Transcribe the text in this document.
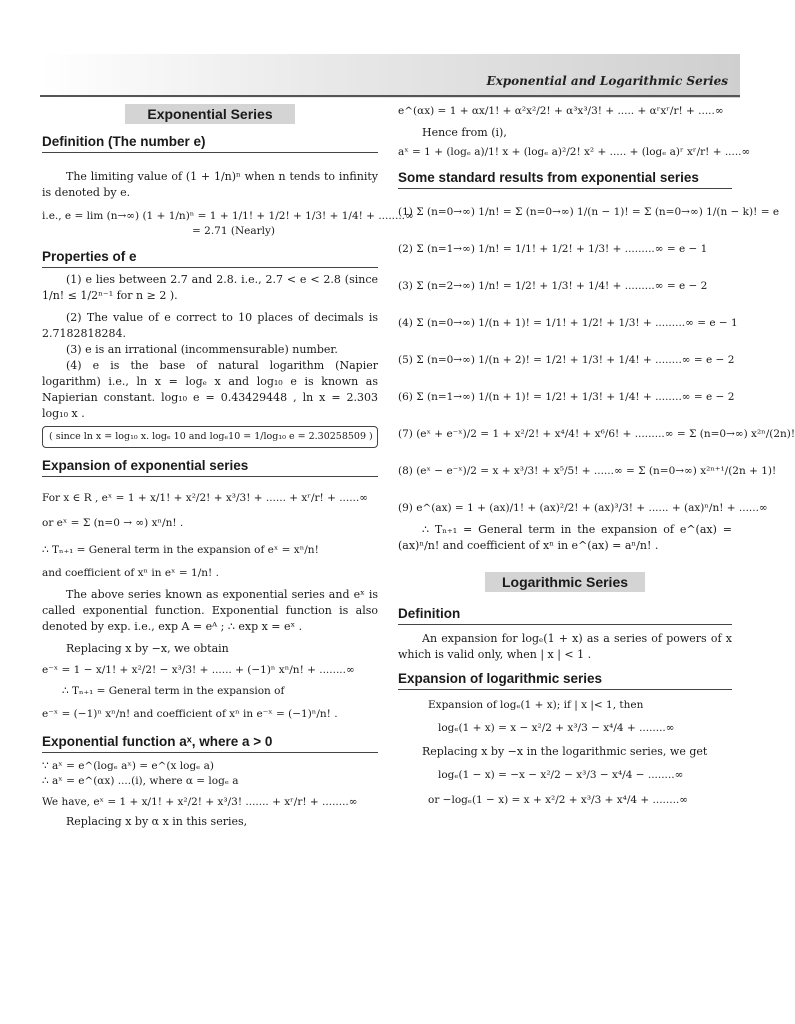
Exponential and Logarithmic Series
Exponential Series
Definition (The number e)

The limiting value of (1 + 1/n)ⁿ when n tends to infinity is denoted by e.

i.e., e = lim (n→∞) (1 + 1/n)ⁿ = 1 + 1/1! + 1/2! + 1/3! + 1/4! + ........∞

= 2.71 (Nearly)

Properties of e

(1) e lies between 2.7 and 2.8. i.e., 2.7 < e < 2.8 (since 1/n! ≤ 1/2ⁿ⁻¹ for n ≥ 2 ).

(2) The value of e correct to 10 places of decimals is 2.7182818284.

(3) e is an irrational (incommensurable) number.

(4) e is the base of natural logarithm (Napier logarithm) i.e., ln x = logₑ x and log₁₀ e is known as Napierian constant. log₁₀ e = 0.43429448 , ln x = 2.303 log₁₀ x .

( since ln x = log₁₀ x. logₑ 10 and logₑ10 = 1/log₁₀ e = 2.30258509 )
Expansion of exponential series

For x ∈ R , eˣ = 1 + x/1! + x²/2! + x³/3! + ...... + xʳ/r! + ......∞

or eˣ = Σ (n=0 → ∞) xⁿ/n! .

∴ Tₙ₊₁ = General term in the expansion of eˣ = xⁿ/n!

and coefficient of xⁿ in eˣ = 1/n! .

The above series known as exponential series and eˣ is called exponential function. Exponential function is also denoted by exp. i.e., exp A = eᴬ ; ∴ exp x = eˣ .

Replacing x by −x, we obtain

e⁻ˣ = 1 − x/1! + x²/2! − x³/3! + ...... + (−1)ⁿ xⁿ/n! + ........∞

∴ Tₙ₊₁ = General term in the expansion of

e⁻ˣ = (−1)ⁿ xⁿ/n! and coefficient of xⁿ in e⁻ˣ = (−1)ⁿ/n! .

Exponential function aˣ, where a > 0

∵ aˣ = e^(logₑ aˣ) = e^(x logₑ a)

∴ aˣ = e^(αx) ....(i), where α = logₑ a

We have, eˣ = 1 + x/1! + x²/2! + x³/3! ....... + xʳ/r! + ........∞

Replacing x by α x in this series,

e^(αx) = 1 + αx/1! + α²x²/2! + α³x³/3! + ..... + αʳxʳ/r! + .....∞

Hence from (i),

aˣ = 1 + (logₑ a)/1! x + (logₑ a)²/2! x² + ..... + (logₑ a)ʳ xʳ/r! + .....∞

Some standard results from exponential series

(1) Σ (n=0→∞) 1/n! = Σ (n=0→∞) 1/(n − 1)! = Σ (n=0→∞) 1/(n − k)! = e

(2) Σ (n=1→∞) 1/n! = 1/1! + 1/2! + 1/3! + .........∞ = e − 1

(3) Σ (n=2→∞) 1/n! = 1/2! + 1/3! + 1/4! + .........∞ = e − 2

(4) Σ (n=0→∞) 1/(n + 1)! = 1/1! + 1/2! + 1/3! + .........∞ = e − 1

(5) Σ (n=0→∞) 1/(n + 2)! = 1/2! + 1/3! + 1/4! + ........∞ = e − 2

(6) Σ (n=1→∞) 1/(n + 1)! = 1/2! + 1/3! + 1/4! + ........∞ = e − 2

(7) (eˣ + e⁻ˣ)/2 = 1 + x²/2! + x⁴/4! + x⁶/6! + .........∞ = Σ (n=0→∞) x²ⁿ/(2n)!

(8) (eˣ − e⁻ˣ)/2 = x + x³/3! + x⁵/5! + ......∞ = Σ (n=0→∞) x²ⁿ⁺¹/(2n + 1)!

(9) e^(ax) = 1 + (ax)/1! + (ax)²/2! + (ax)³/3! + ...... + (ax)ⁿ/n! + ......∞

∴ Tₙ₊₁ = General term in the expansion of e^(ax) = (ax)ⁿ/n! and coefficient of xⁿ in e^(ax) = aⁿ/n! .

Logarithmic Series
Definition

An expansion for logₑ(1 + x) as a series of powers of x which is valid only, when | x | < 1 .

Expansion of logarithmic series

Expansion of logₑ(1 + x); if | x |< 1, then

logₑ(1 + x) = x − x²/2 + x³/3 − x⁴/4 + ........∞

Replacing x by −x in the logarithmic series, we get

logₑ(1 − x) = −x − x²/2 − x³/3 − x⁴/4 − ........∞

or −logₑ(1 − x) = x + x²/2 + x³/3 + x⁴/4 + ........∞
